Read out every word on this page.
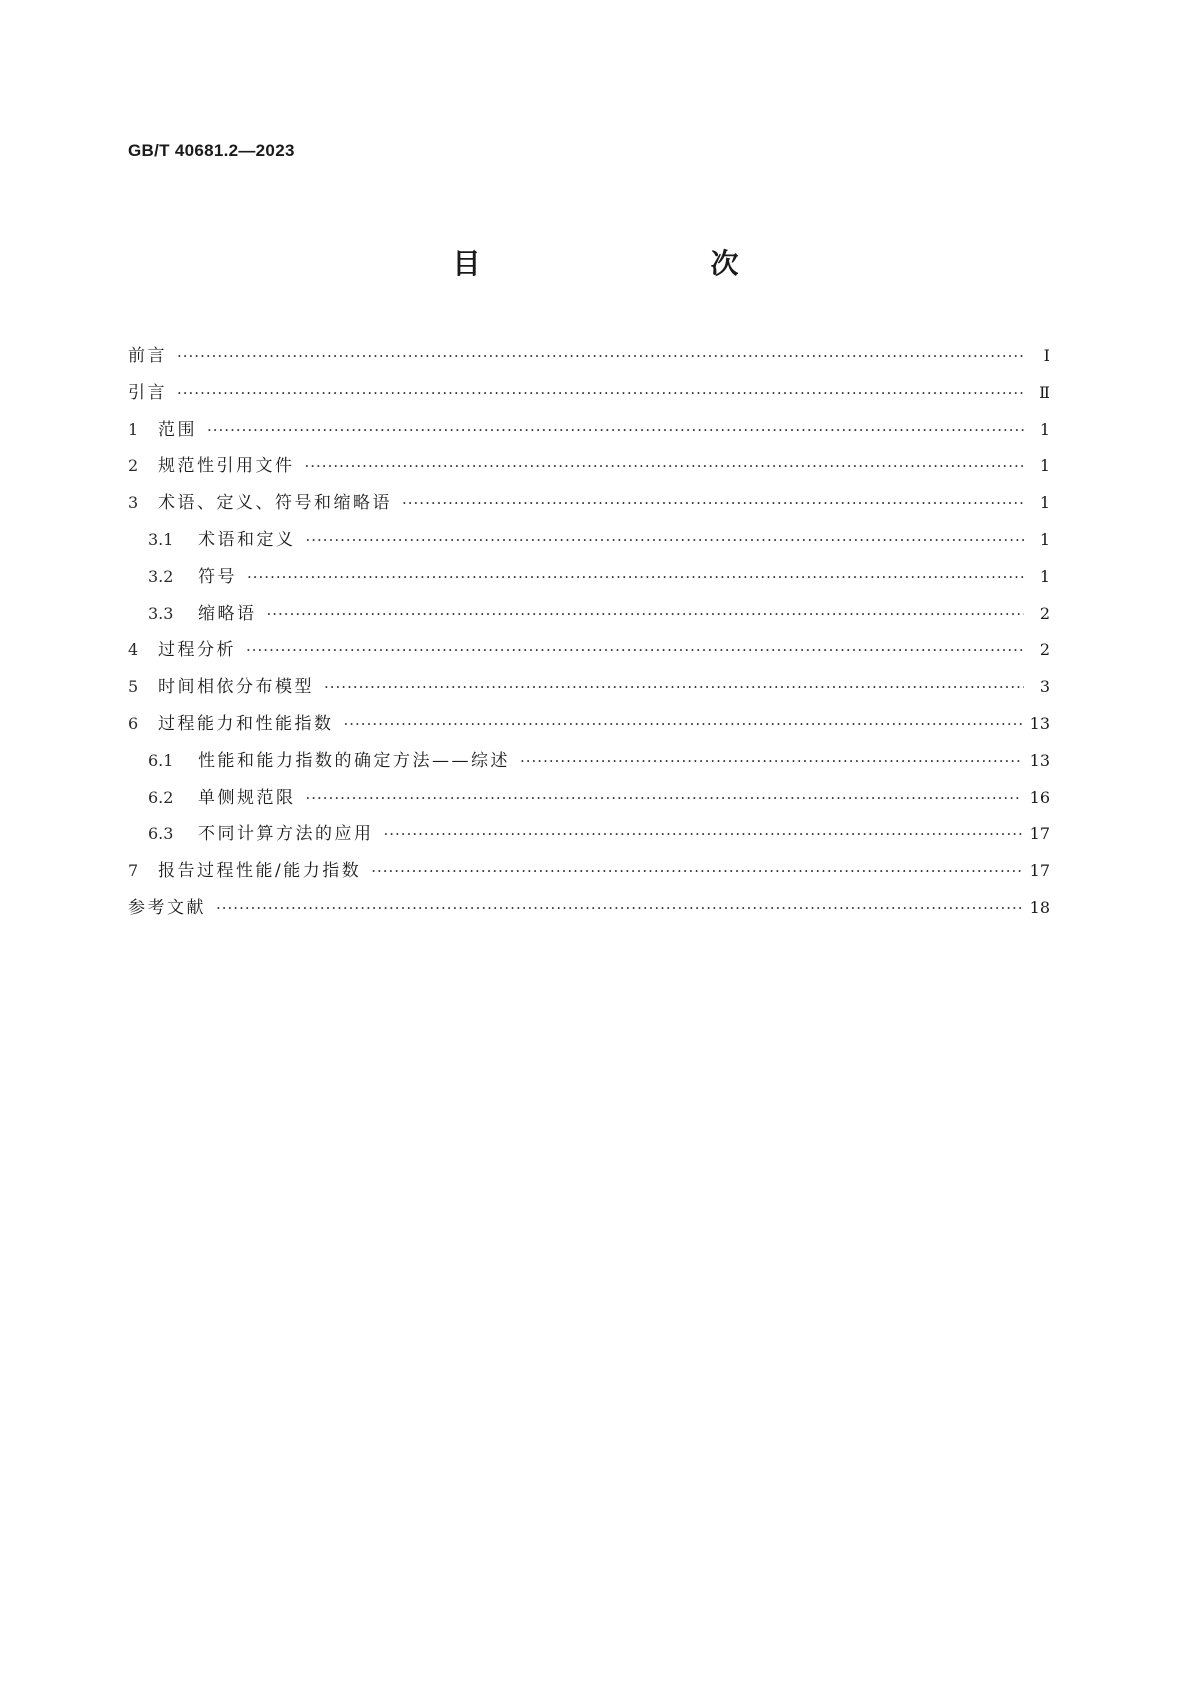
GB/T 40681.2—2023
目　　次
前言 ·····	Ⅰ
引言 ·····	Ⅱ
1	范围 ·····	1
2	规范性引用文件 ·····	1
3	术语、定义、符号和缩略语 ·····	1
3.1	术语和定义 ·····	1
3.2	符号 ·····	1
3.3	缩略语 ·····	2
4	过程分析 ·····	2
5	时间相依分布模型 ·····	3
6	过程能力和性能指数 ·····	13
6.1	性能和能力指数的确定方法——综述 ·····	13
6.2	单侧规范限 ·····	16
6.3	不同计算方法的应用 ·····	17
7	报告过程性能/能力指数 ·····	17
参考文献 ·····	18
